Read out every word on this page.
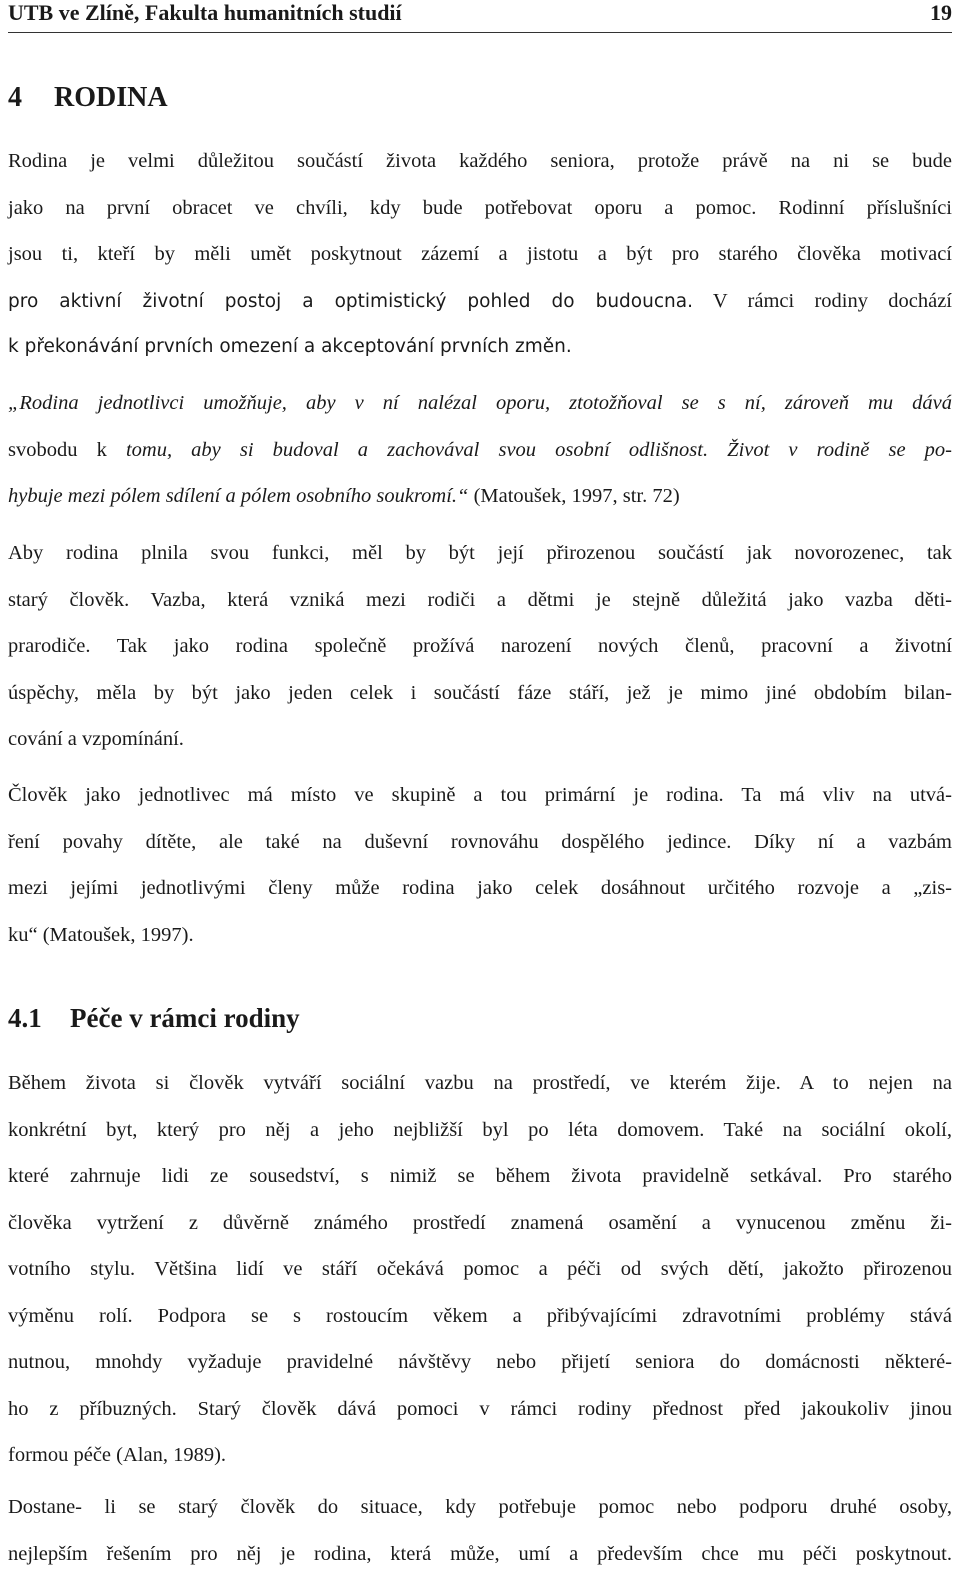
UTB ve Zlíně, Fakulta humanitních studií	19
4 RODINA
Rodina je velmi důležitou součástí života každého seniora, protože právě na ni se bude
jako na první obracet ve chvíli, kdy bude potřebovat oporu a pomoc. Rodinní příslušníci
jsou ti, kteří by měli umět poskytnout zázemí a jistotu a být pro starého člověka motivací
pro aktivní životní postoj a optimistický pohled do budoucna. V rámci rodiny dochází
k překonávání prvních omezení a akceptování prvních změn.
„Rodina jednotlivci umožňuje, aby v ní nalézal oporu, ztotožňoval se s ní, zároveň mu dává
svobodu k tomu, aby si budoval a zachovával svou osobní odlišnost. Život v rodině se po-
hybuje mezi pólem sdílení a pólem osobního soukromí.“ (Matoušek, 1997, str. 72)
Aby rodina plnila svou funkci, měl by být její přirozenou součástí jak novorozenec, tak
starý člověk. Vazba, která vzniká mezi rodiči a dětmi je stejně důležitá jako vazba děti-
prarodiče. Tak jako rodina společně prožívá narození nových členů, pracovní a životní
úspěchy, měla by být jako jeden celek i součástí fáze stáří, jež je mimo jiné obdobím bilan-
cování a vzpomínání.
Člověk jako jednotlivec má místo ve skupině a tou primární je rodina. Ta má vliv na utvá-
ření povahy dítěte, ale také na duševní rovnováhu dospělého jedince. Díky ní a vazbám
mezi jejími jednotlivými členy může rodina jako celek dosáhnout určitého rozvoje a „zis-
ku“ (Matoušek, 1997).
4.1 Péče v rámci rodiny
Během života si člověk vytváří sociální vazbu na prostředí, ve kterém žije. A to nejen na
konkrétní byt, který pro něj a jeho nejbližší byl po léta domovem. Také na sociální okolí,
které zahrnuje lidi ze sousedství, s nimiž se během života pravidelně setkával. Pro starého
člověka vytržení z důvěrně známého prostředí znamená osamění a vynucenou změnu ži-
votního stylu. Většina lidí ve stáří očekává pomoc a péči od svých dětí, jakožto přirozenou
výměnu rolí. Podpora se s rostoucím věkem a přibývajícími zdravotními problémy stává
nutnou, mnohdy vyžaduje pravidelné návštěvy nebo přijetí seniora do domácnosti některé-
ho z příbuzných. Starý člověk dává pomoci v rámci rodiny přednost před jakoukoliv jinou
formou péče (Alan, 1989).
Dostane- li se starý člověk do situace, kdy potřebuje pomoc nebo podporu druhé osoby,
nejlepším řešením pro něj je rodina, která může, umí a především chce mu péči poskytnout.
